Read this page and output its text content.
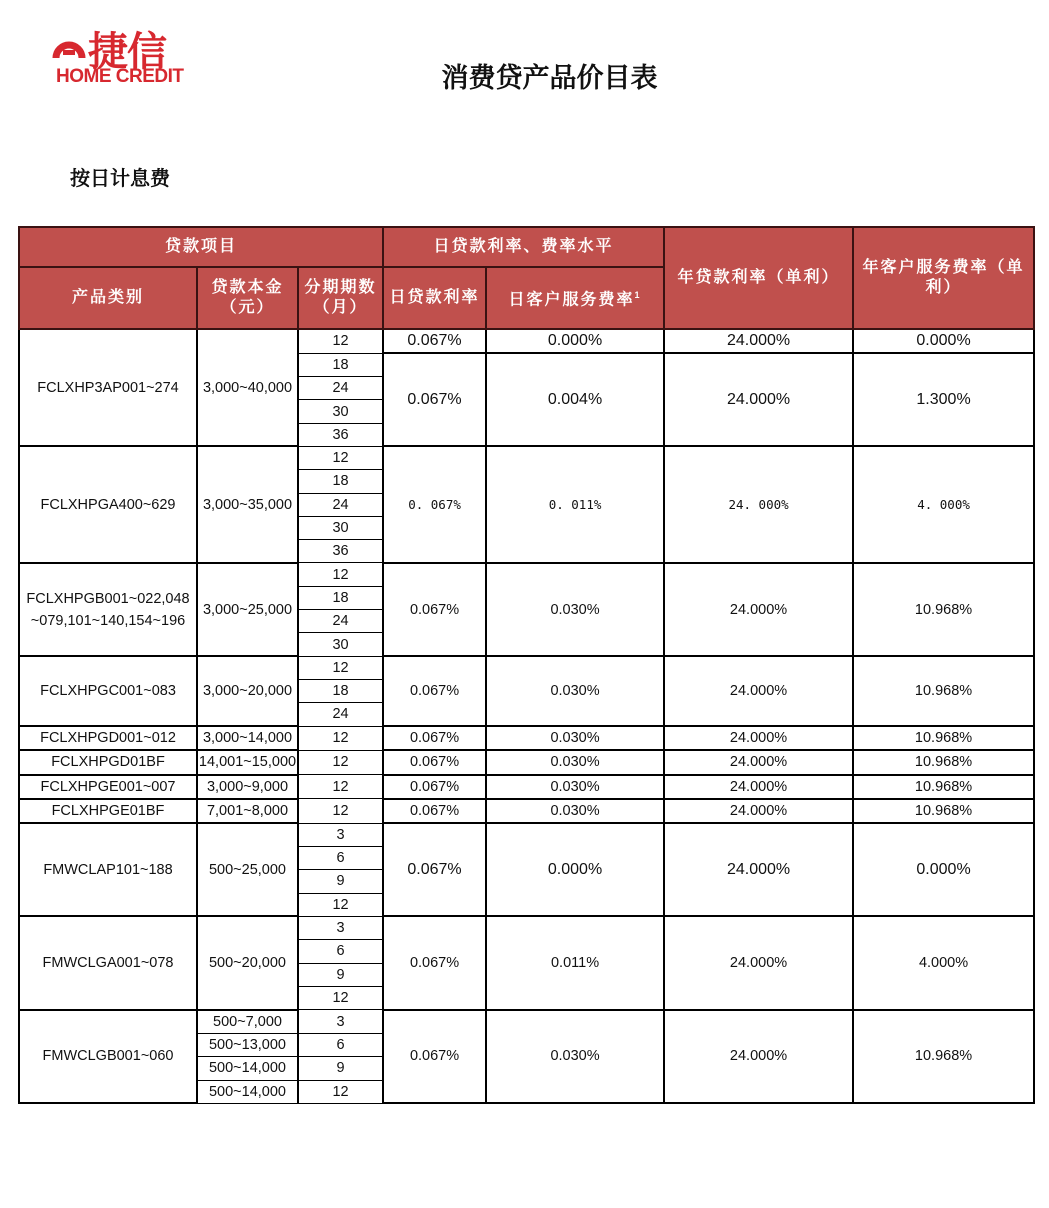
捷信
HOME CREDIT	消费贷产品价目表
按日计息费
贷款项目			日贷款利率、费率水平		年贷款利率（单利）	年客户服务费率（单利）
产品类别	贷款本金（元）	分期期数（月）	日贷款利率	日客户服务费率$^1$
FCLXHP3AP001~274	3,000~40,000	12	0.067%	0.000%	24.000%	0.000%
		18	0.067%	0.004%	24.000%	1.300%
		24				
		30				
		36				
FCLXHPGA400~629	3,000~35,000	12	0. 067%	0. 011%	24. 000%	4. 000%
		18				
		24				
		30				
		36				
FCLXHPGB001~022,048
~079,101~140,154~196	3,000~25,000	12	0.067%	0.030%	24.000%	10.968%
		18				
		24				
		30				
FCLXHPGC001~083	3,000~20,000	12	0.067%	0.030%	24.000%	10.968%
		18				
		24				
FCLXHPGD001~012	3,000~14,000	12	0.067%	0.030%	24.000%	10.968%
FCLXHPGD01BF	14,001~15,000	12	0.067%	0.030%	24.000%	10.968%
FCLXHPGE001~007	3,000~9,000	12	0.067%	0.030%	24.000%	10.968%
FCLXHPGE01BF	7,001~8,000	12	0.067%	0.030%	24.000%	10.968%
FMWCLAP101~188	500~25,000	3	0.067%	0.000%	24.000%	0.000%
		6				
		9				
		12				
FMWCLGA001~078	500~20,000	3	0.067%	0.011%	24.000%	4.000%
		6				
		9				
		12				
FMWCLGB001~060	500~7,000	3	0.067%	0.030%	24.000%	10.968%
	500~13,000	6				
	500~14,000	9				
	500~14,000	12				
